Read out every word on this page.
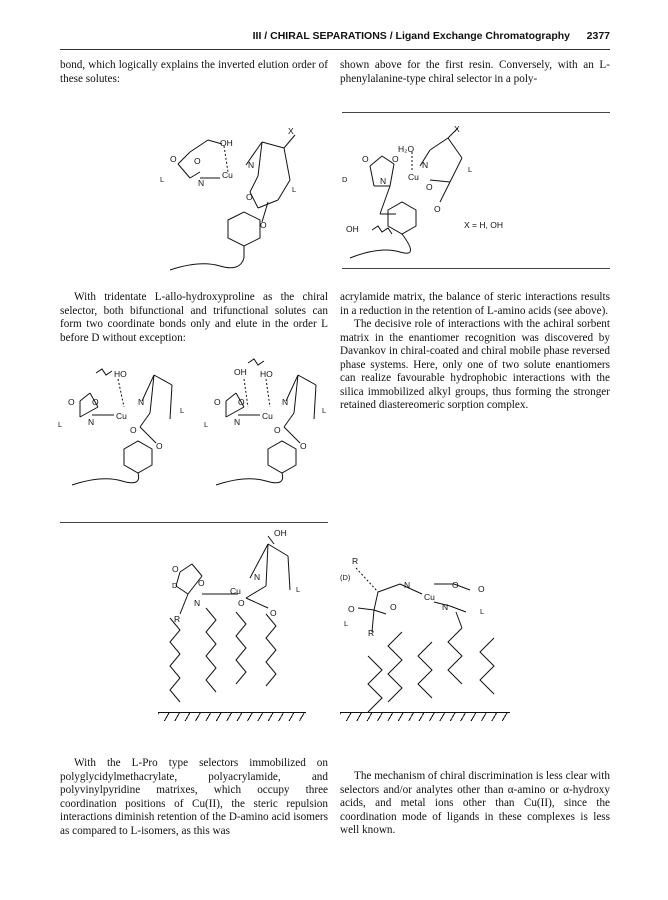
III / CHIRAL SEPARATIONS / Ligand Exchange Chromatography 2377

bond, which logically explains the inverted elution order of these solutes:

shown above for the first resin. Conversely, with an L-phenylalanine-type chiral selector in a poly-

OH
O O
N
Cu
N
O
O
X
L
L
H₂O
O	O
N	Cu
N
O
O
X
D
L
OH	X = H, OH

With tridentate L-allo-hydroxyproline as the chiral selector, both bifunctional and trifunctional solutes can form two coordinate bonds only and elute in the order L before D without exception:

acrylamide matrix, the balance of steric interactions results in a reduction in the retention of L-amino acids (see above).

The decisive role of interactions with the achiral sorbent matrix in the enantiomer recognition was discovered by Davankov in chiral-coated and chiral mobile phase reversed phase systems. Here, only one of two solute enantiomers can realize favourable hydrophobic interactions with the silica immobilized alkyl groups, thus forming the stronger retained diastereomeric sorption complex.

HO
O O
N
Cu
N
O
O
L
L
OH HO
O O
N
Cu
N
O
O
L
L
OH
O
O
N
Cu
N
O
O
D	L
R
R
(D)
N
Cu
O O
O	O	N
L
L
R

With the L-Pro type selectors immobilized on polyglycidylmethacrylate, polyacrylamide, and polyvinylpyridine matrixes, which occupy three coordination positions of Cu(II), the steric repulsion interactions diminish retention of the D-amino acid isomers as compared to L-isomers, as this was

The mechanism of chiral discrimination is less clear with selectors and/or analytes other than α-amino or α-hydroxy acids, and metal ions other than Cu(II), since the coordination mode of ligands in these complexes is less well known.
